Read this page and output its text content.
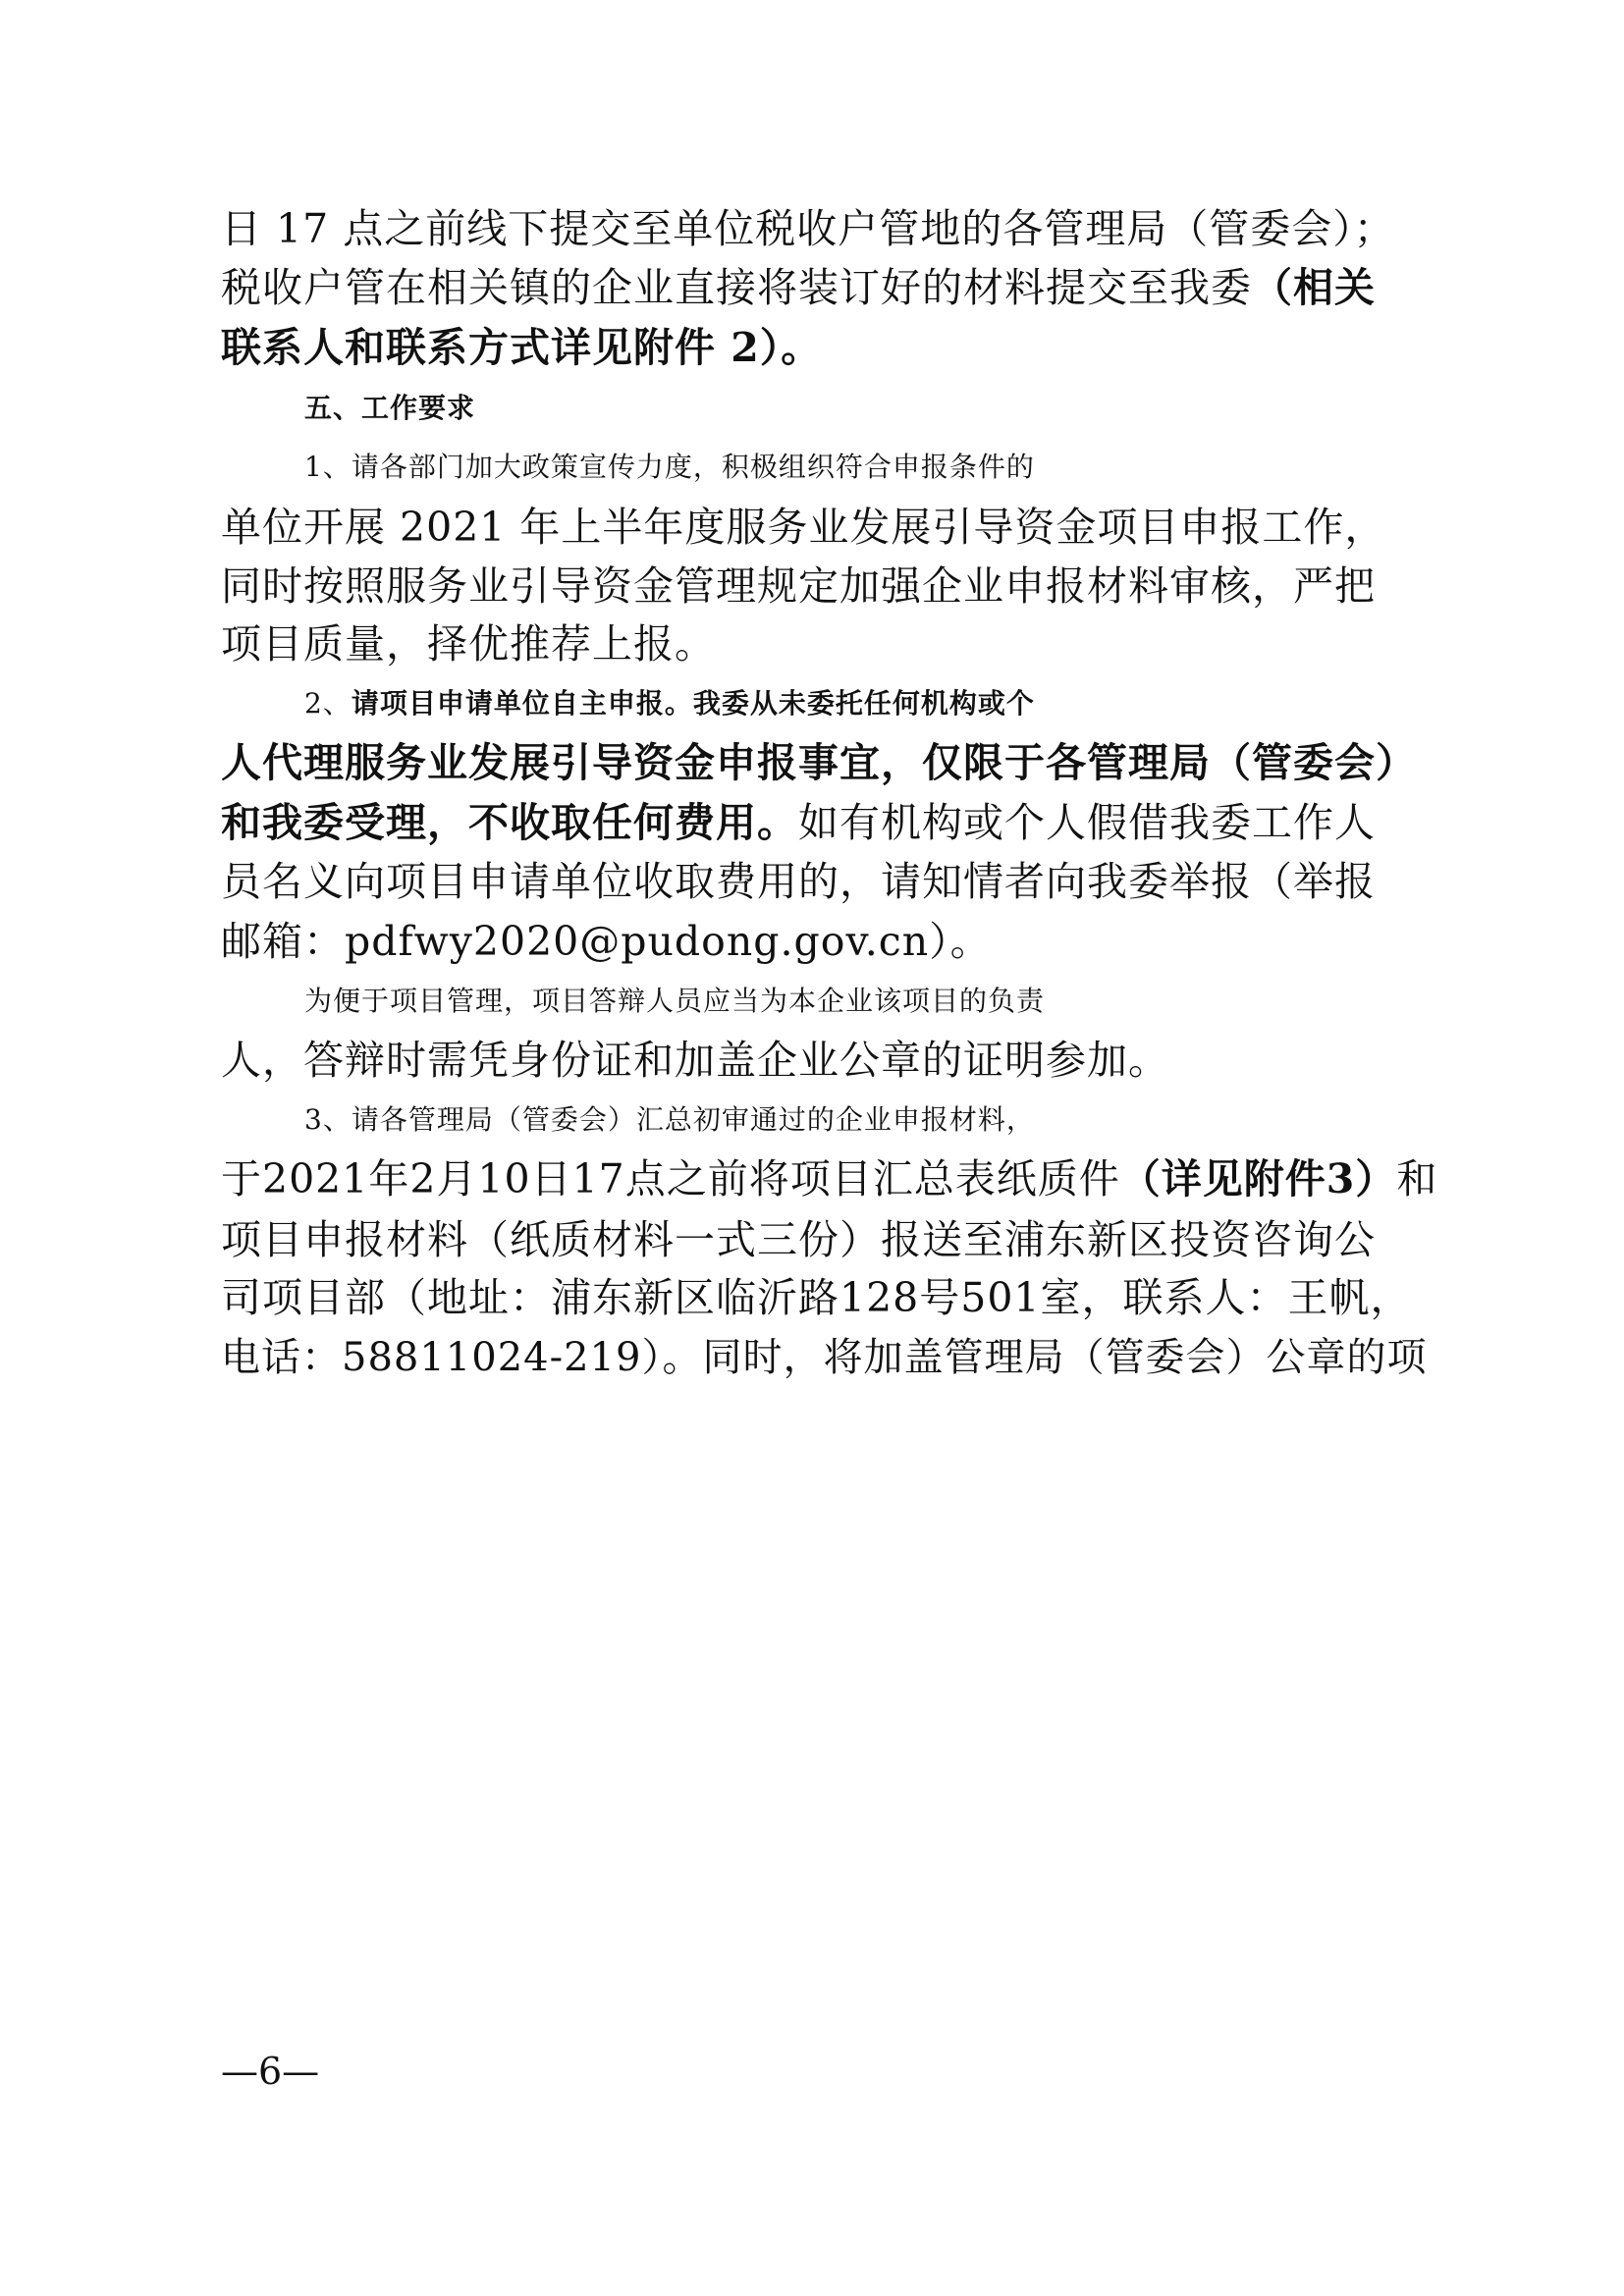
日 17 点之前线下提交至单位税收户管地的各管理局（管委会）；
税收户管在相关镇的企业直接将装订好的材料提交至我委（相关
联系人和联系方式详见附件 2）。
五、工作要求
1、请各部门加大政策宣传力度，积极组织符合申报条件的
单位开展 2021 年上半年度服务业发展引导资金项目申报工作，
同时按照服务业引导资金管理规定加强企业申报材料审核，严把
项目质量，择优推荐上报。
2、请项目申请单位自主申报。我委从未委托任何机构或个
人代理服务业发展引导资金申报事宜，仅限于各管理局（管委会）
和我委受理，不收取任何费用。如有机构或个人假借我委工作人
员名义向项目申请单位收取费用的，请知情者向我委举报（举报
邮箱：pdfwy2020@pudong.gov.cn）。
为便于项目管理，项目答辩人员应当为本企业该项目的负责
人，答辩时需凭身份证和加盖企业公章的证明参加。
3、请各管理局（管委会）汇总初审通过的企业申报材料，
于2021年2月10日17点之前将项目汇总表纸质件（详见附件3）和
项目申报材料（纸质材料一式三份）报送至浦东新区投资咨询公
司项目部（地址：浦东新区临沂路128号501室，联系人：王帆，
电话：58811024-219）。同时，将加盖管理局（管委会）公章的项
—6—
